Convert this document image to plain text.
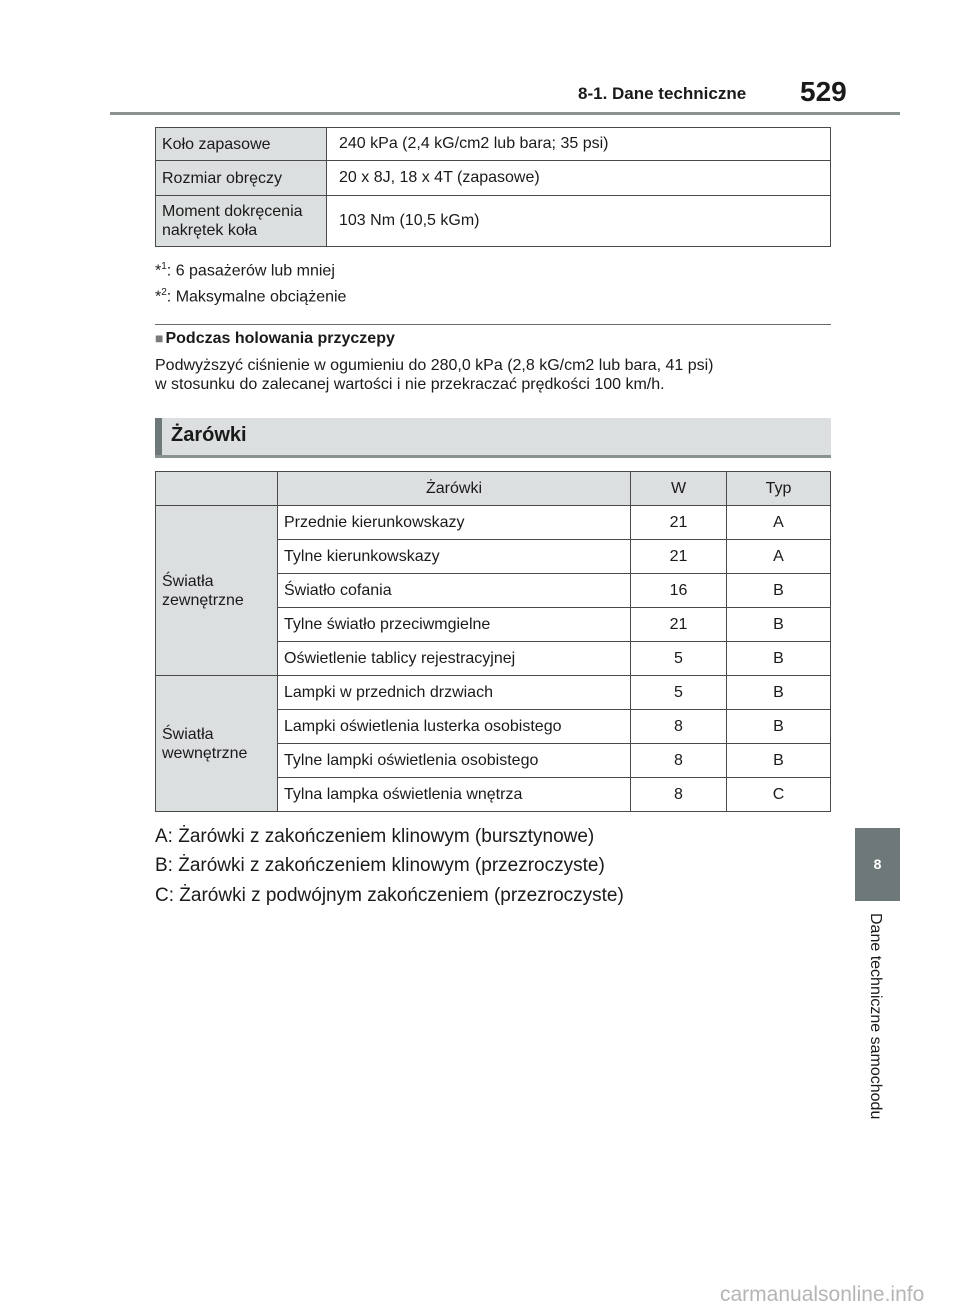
8-1. Dane techniczne 529
Koło zapasowe	240 kPa (2,4 kG/cm2 lub bara; 35 psi)
Rozmiar obręczy	20 x 8J, 18 x 4T (zapasowe)

Moment dokręcenia
nakrętek koła	103 Nm (10,5 kGm)
*$^1$: 6 pasażerów lub mniej
*$^2$: Maksymalne obciążenie
■ Podczas holowania przyczepy
Podwyższyć ciśnienie w ogumieniu do 280,0 kPa (2,8 kG/cm2 lub bara, 41 psi)
w stosunku do zalecanej wartości i nie przekraczać prędkości 100 km/h.
Żarówki
	Żarówki	W	Typ

Światła
zewnętrzne	Przednie kierunkowskazy	21	A
	Tylne kierunkowskazy	21	A
	Światło cofania	16	B
	Tylne światło przeciwmgielne	21	B
	Oświetlenie tablicy rejestracyjnej	5	B

Światła
wewnętrzne	Lampki w przednich drzwiach	5	B
	Lampki oświetlenia lusterka osobistego	8	B
	Tylne lampki oświetlenia osobistego	8	B
	Tylna lampka oświetlenia wnętrza	8	C
A: Żarówki z zakończeniem klinowym (bursztynowe)
B: Żarówki z zakończeniem klinowym (przezroczyste)
C: Żarówki z podwójnym zakończeniem (przezroczyste)
8
Dane techniczne samochodu
carmanualsonline.info
